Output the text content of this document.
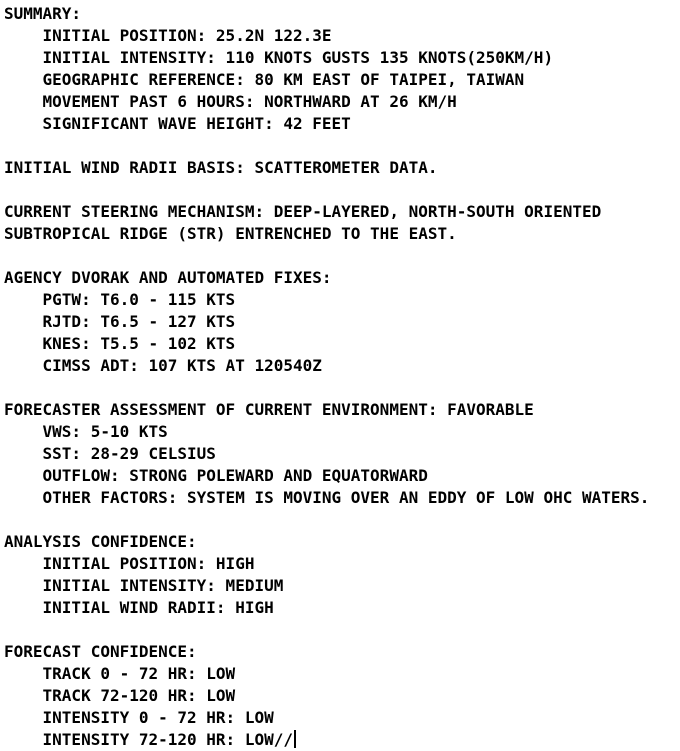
SUMMARY:
INITIAL POSITION: 25.2N 122.3E
INITIAL INTENSITY: 110 KNOTS GUSTS 135 KNOTS(250KM/H)
GEOGRAPHIC REFERENCE: 80 KM EAST OF TAIPEI, TAIWAN
MOVEMENT PAST 6 HOURS: NORTHWARD AT 26 KM/H
SIGNIFICANT WAVE HEIGHT: 42 FEET
INITIAL WIND RADII BASIS: SCATTEROMETER DATA.
CURRENT STEERING MECHANISM: DEEP-LAYERED, NORTH-SOUTH ORIENTED
SUBTROPICAL RIDGE (STR) ENTRENCHED TO THE EAST.
AGENCY DVORAK AND AUTOMATED FIXES:
PGTW: T6.0 - 115 KTS
RJTD: T6.5 - 127 KTS
KNES: T5.5 - 102 KTS
CIMSS ADT: 107 KTS AT 120540Z
FORECASTER ASSESSMENT OF CURRENT ENVIRONMENT: FAVORABLE
VWS: 5-10 KTS
SST: 28-29 CELSIUS
OUTFLOW: STRONG POLEWARD AND EQUATORWARD
OTHER FACTORS: SYSTEM IS MOVING OVER AN EDDY OF LOW OHC WATERS.
ANALYSIS CONFIDENCE:
INITIAL POSITION: HIGH
INITIAL INTENSITY: MEDIUM
INITIAL WIND RADII: HIGH
FORECAST CONFIDENCE:
TRACK 0 - 72 HR: LOW
TRACK 72-120 HR: LOW
INTENSITY 0 - 72 HR: LOW
INTENSITY 72-120 HR: LOW//
